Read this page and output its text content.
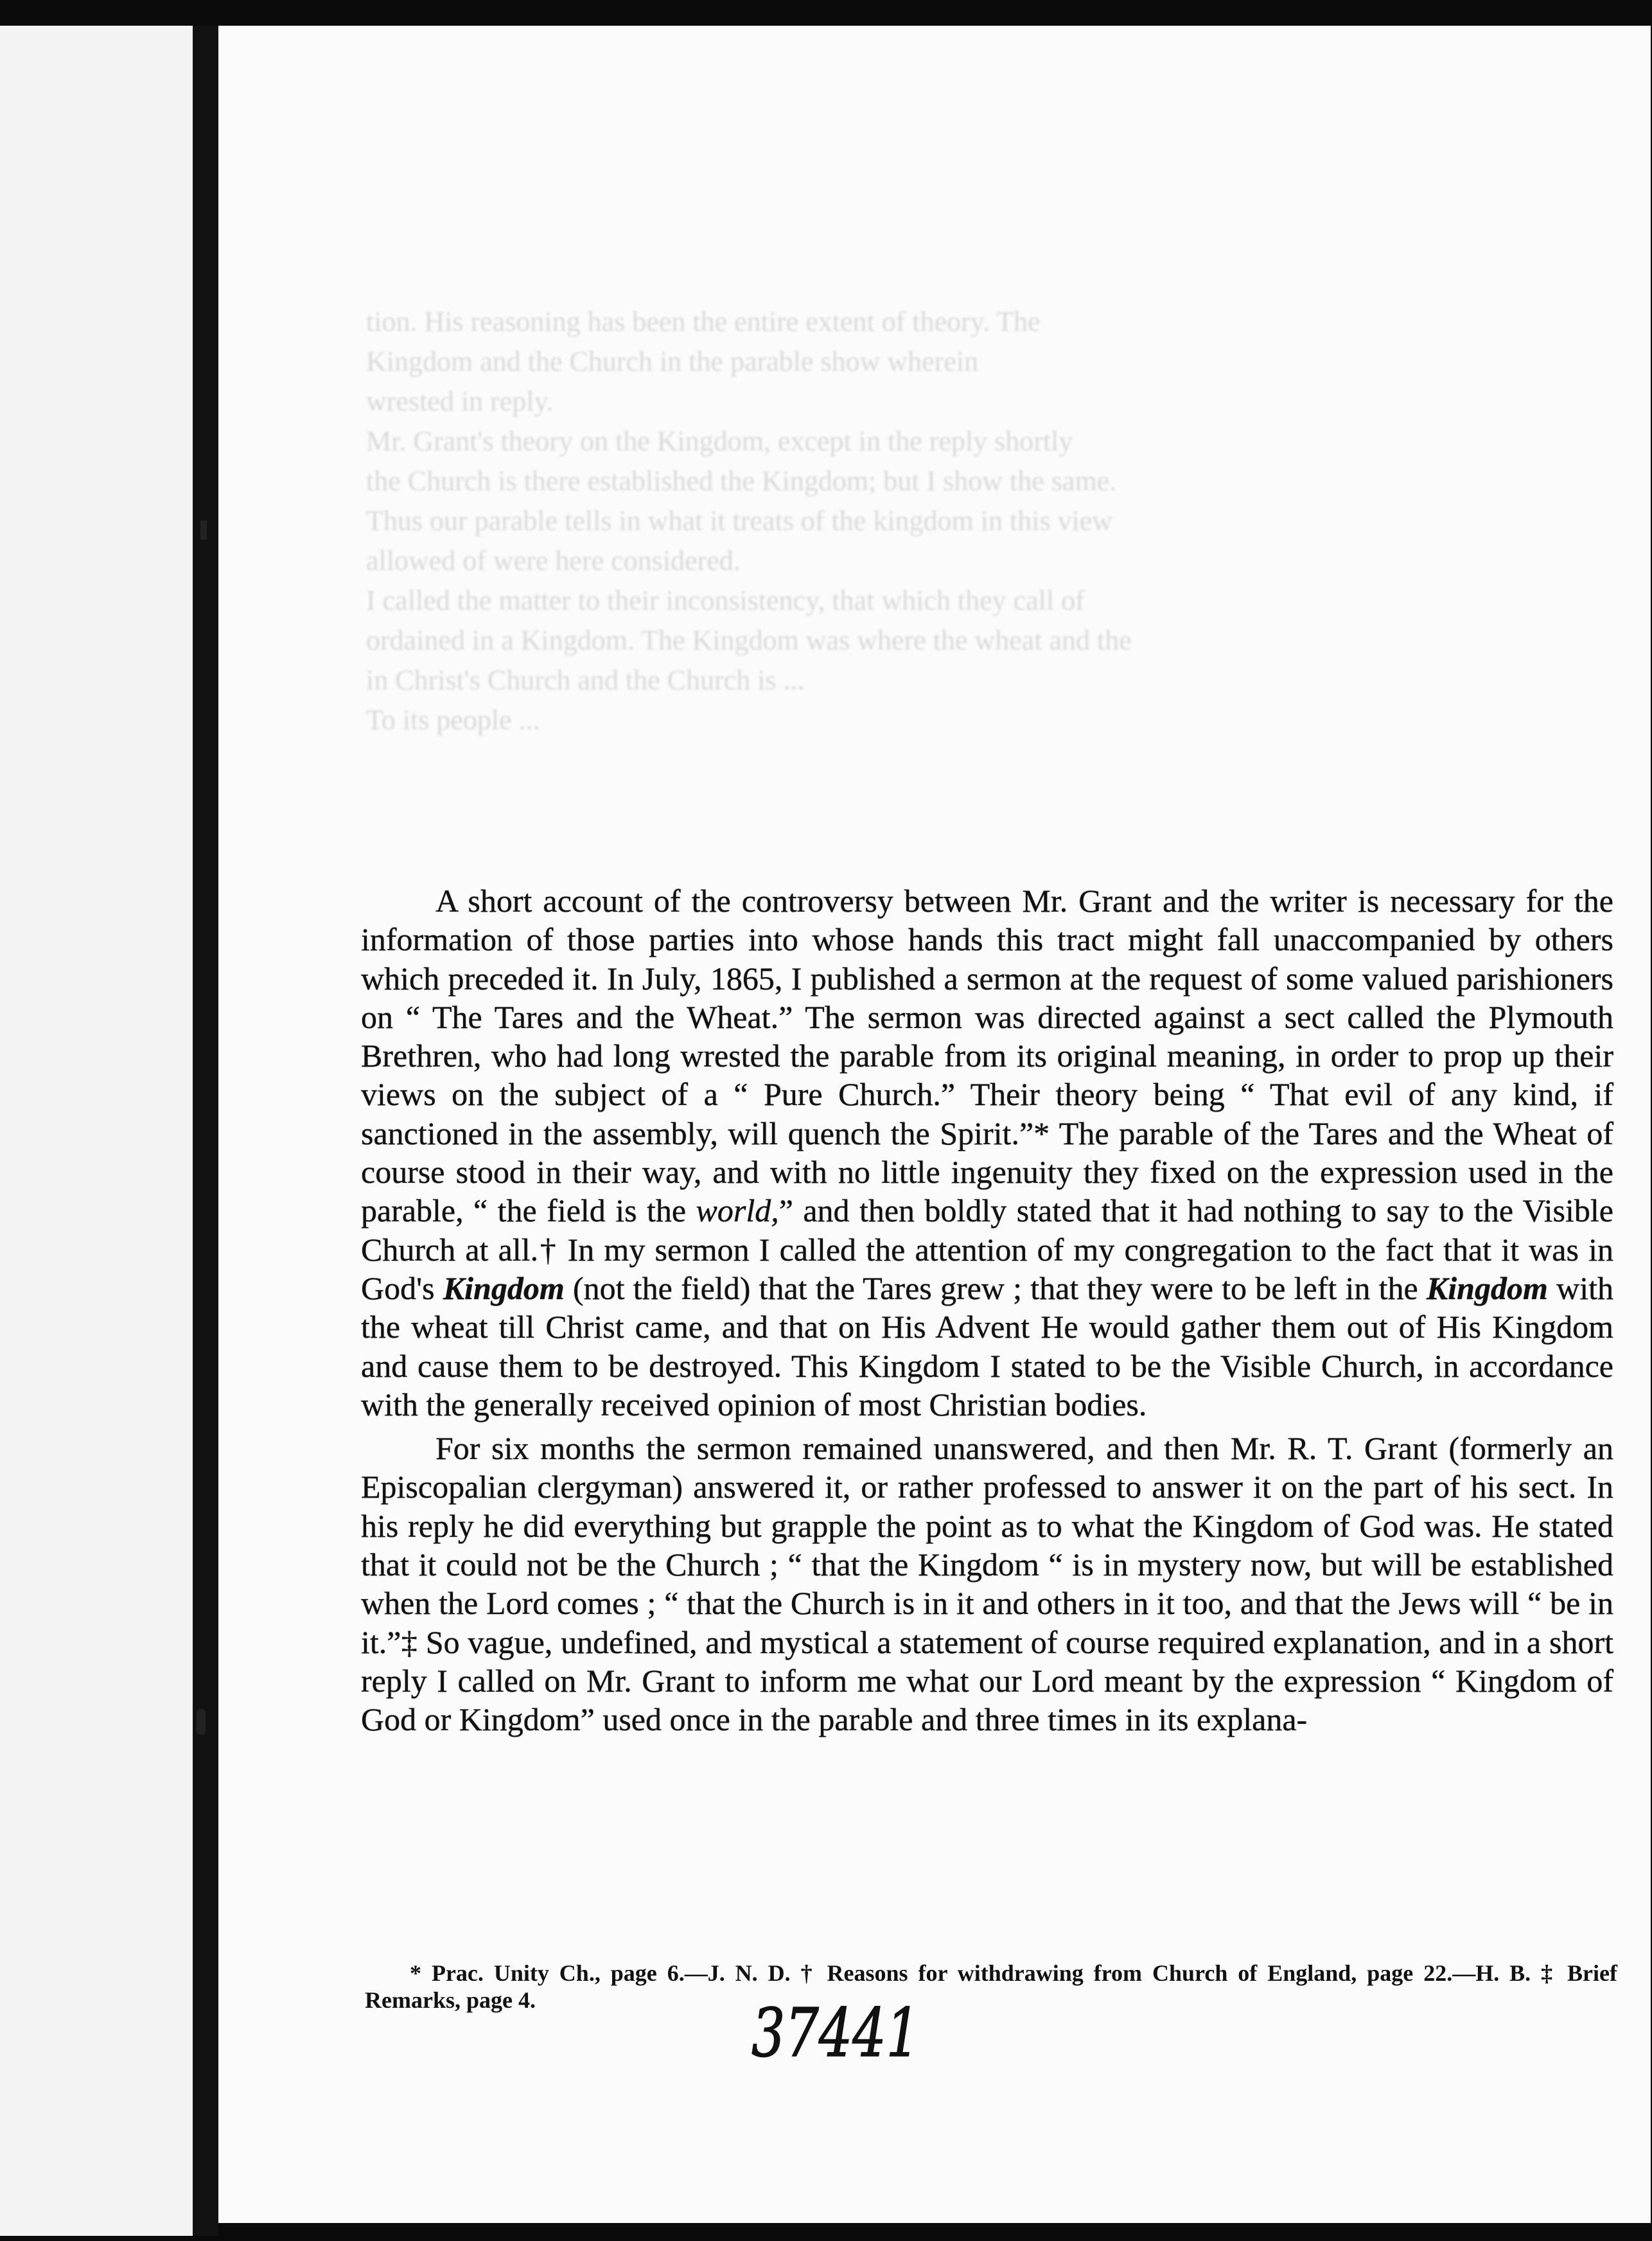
tion. His reasoning has been the entire extent of theory. The

Kingdom and the Church in the parable show wherein

wrested in reply.

Mr. Grant's theory on the Kingdom, except in the reply shortly

the Church is there established the Kingdom; but I show the same.

Thus our parable tells in what it treats of the kingdom in this view

allowed of were here considered.

I called the matter to their inconsistency, that which they call of

ordained in a Kingdom. The Kingdom was where the wheat and the

in Christ's Church and the Church is ...

To its people ...

A short account of the controversy between Mr. Grant and the writer is necessary for the information of those parties into whose hands this tract might fall unaccompanied by others which preceded it. In July, 1865, I published a sermon at the request of some valued parishioners on “ The Tares and the Wheat.” The sermon was directed against a sect called the Plymouth Brethren, who had long wrested the parable from its original meaning, in order to prop up their views on the subject of a “ Pure Church.” Their theory being “ That evil of any kind, if sanctioned in the assembly, will quench the Spirit.”* The parable of the Tares and the Wheat of course stood in their way, and with no little ingenuity they fixed on the expression used in the parable, “ the field is the world,” and then boldly stated that it had nothing to say to the Visible Church at all.† In my sermon I called the attention of my congregation to the fact that it was in God's Kingdom (not the field) that the Tares grew ; that they were to be left in the Kingdom with the wheat till Christ came, and that on His Advent He would gather them out of His Kingdom and cause them to be destroyed. This Kingdom I stated to be the Visible Church, in accordance with the generally received opinion of most Christian bodies.

For six months the sermon remained unanswered, and then Mr. R. T. Grant (formerly an Episcopalian clergyman) answered it, or rather professed to answer it on the part of his sect. In his reply he did everything but grapple the point as to what the Kingdom of God was. He stated that it could not be the Church ; “ that the Kingdom “ is in mystery now, but will be established when the Lord comes ; “ that the Church is in it and others in it too, and that the Jews will “ be in it.”‡ So vague, undefined, and mystical a statement of course required explanation, and in a short reply I called on Mr. Grant to inform me what our Lord meant by the expression “ Kingdom of God or Kingdom” used once in the parable and three times in its explana-

* Prac. Unity Ch., page 6.—J. N. D. † Reasons for withdrawing from Church of England, page 22.—H. B. ‡ Brief Remarks, page 4.	37441
